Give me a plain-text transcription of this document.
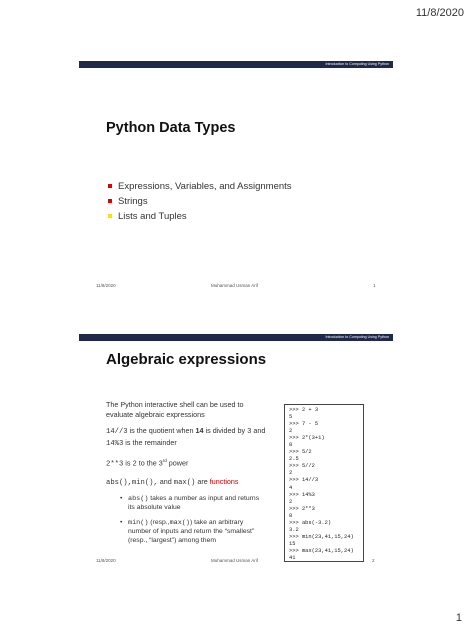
11/8/2020
Introduction to Computing Using Python
Python Data Types
Expressions, Variables, and Assignments
Strings
Lists and Tuples
11/8/2020	Muhammad Usman Arif	1
Introduction to Computing Using Python
Algebraic expressions

The Python interactive shell can be used to evaluate algebraic expressions

14//3 is the quotient when 14 is divided by 3 and 14%3 is the remainder

2**3 is 2 to the 3rd power

abs(),min(), and max() are functions

• abs() takes a number as input and returns its absolute value
• min() (resp.,max()) take an arbitrary number of inputs and return the “smallest” (resp., “largest”) among them
>>> 2 + 3
5
>>> 7 - 5
2
>>> 2*(3+1)
8
>>> 5/2
2.5
>>> 5//2
2
>>> 14//3
4
>>> 14%3
2
>>> 2**3
8
>>> abs(-3.2)
3.2
>>> min(23,41,15,24)
15
>>> max(23,41,15,24)
41
11/8/2020	Muhammad Usman Arif	2
1
